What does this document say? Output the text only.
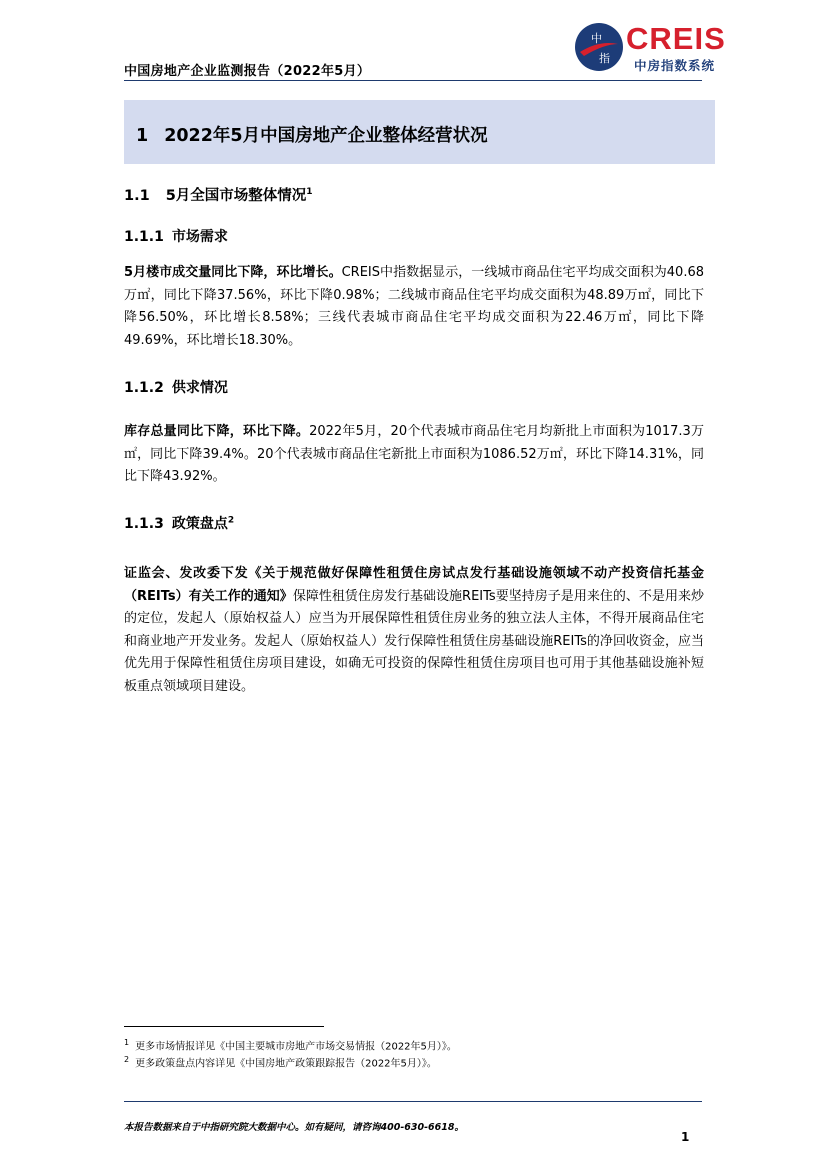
中国房地产企业监测报告（2022年5月）
中
指
CREIS
中房指数系统
1 2022年5月中国房地产企业整体经营状况
1.1 5月全国市场整体情况$^1$
1.1.1 市场需求
5月楼市成交量同比下降，环比增长。CREIS中指数据显示，一线城市商品住宅平均成交面积为40.68万㎡，同比下降37.56%，环比下降0.98%；二线城市商品住宅平均成交面积为48.89万㎡，同比下降56.50%，环比增长8.58%；三线代表城市商品住宅平均成交面积为22.46万㎡，同比下降49.69%，环比增长18.30%。
1.1.2 供求情况
库存总量同比下降，环比下降。2022年5月，20个代表城市商品住宅月均新批上市面积为1017.3万㎡，同比下降39.4%。20个代表城市商品住宅新批上市面积为1086.52万㎡，环比下降14.31%，同比下降43.92%。
1.1.3 政策盘点$^2$
证监会、发改委下发《关于规范做好保障性租赁住房试点发行基础设施领域不动产投资信托基金（REITs）有关工作的通知》保障性租赁住房发行基础设施REITs要坚持房子是用来住的、不是用来炒的定位，发起人（原始权益人）应当为开展保障性租赁住房业务的独立法人主体，不得开展商品住宅和商业地产开发业务。发起人（原始权益人）发行保障性租赁住房基础设施REITs的净回收资金，应当优先用于保障性租赁住房项目建设，如确无可投资的保障性租赁住房项目也可用于其他基础设施补短板重点领域项目建设。
$^1$ 更多市场情报详见《中国主要城市房地产市场交易情报（2022年5月）》。
$^2$ 更多政策盘点内容详见《中国房地产政策跟踪报告（2022年5月）》。
本报告数据来自于中指研究院大数据中心。如有疑问，请咨询400-630-6618。
1
